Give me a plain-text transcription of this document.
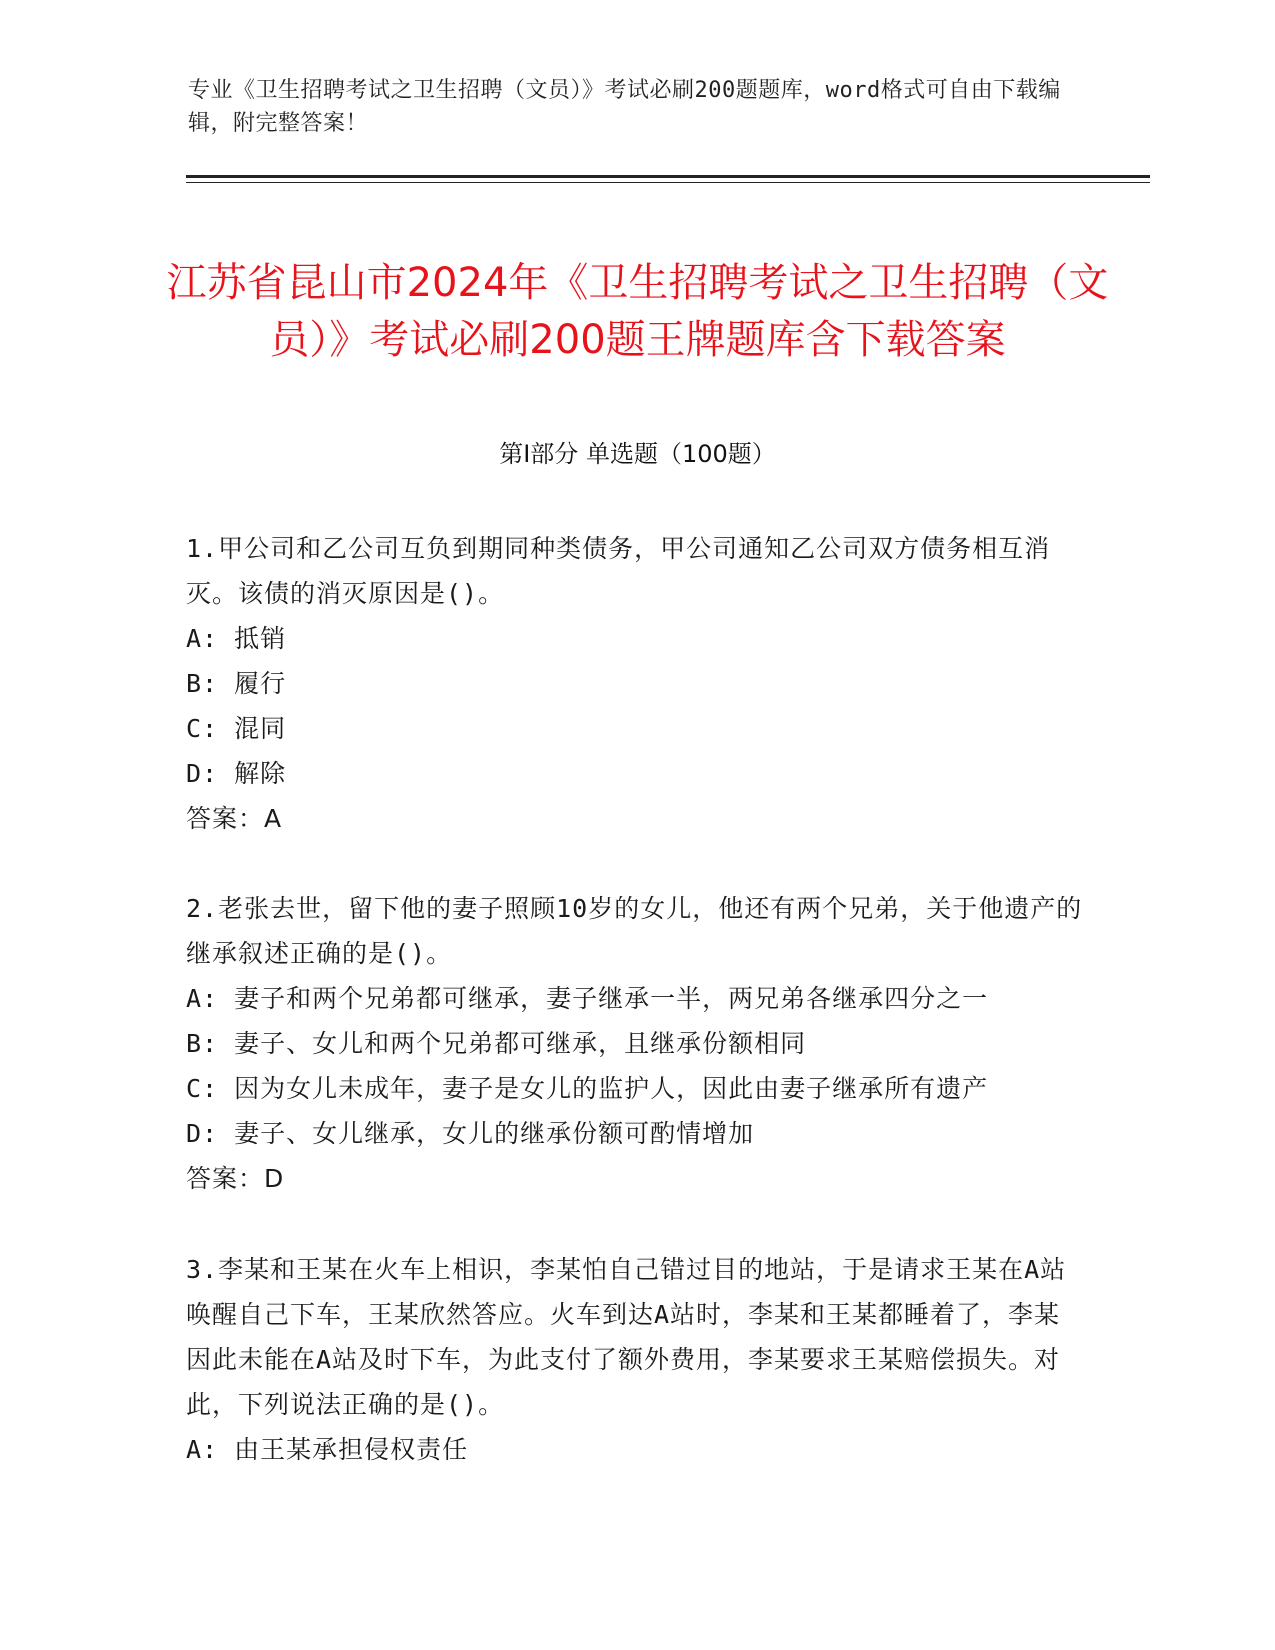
专业《卫生招聘考试之卫生招聘（文员）》考试必刷200题题库，word格式可自由下载编辑，附完整答案！
江苏省昆山市2024年《卫生招聘考试之卫生招聘（文员）》考试必刷200题王牌题库含下载答案
第Ⅰ部分 单选题（100题）
1.甲公司和乙公司互负到期同种类债务，甲公司通知乙公司双方债务相互消灭。该债的消灭原因是()。
A: 抵销
B: 履行
C: 混同
D: 解除
答案：A
2.老张去世，留下他的妻子照顾10岁的女儿，他还有两个兄弟，关于他遗产的继承叙述正确的是()。
A: 妻子和两个兄弟都可继承，妻子继承一半，两兄弟各继承四分之一
B: 妻子、女儿和两个兄弟都可继承，且继承份额相同
C: 因为女儿未成年，妻子是女儿的监护人，因此由妻子继承所有遗产
D: 妻子、女儿继承，女儿的继承份额可酌情增加
答案：D
3.李某和王某在火车上相识，李某怕自己错过目的地站，于是请求王某在A站唤醒自己下车，王某欣然答应。火车到达A站时，李某和王某都睡着了，李某因此未能在A站及时下车，为此支付了额外费用，李某要求王某赔偿损失。对此，下列说法正确的是()。
A: 由王某承担侵权责任
